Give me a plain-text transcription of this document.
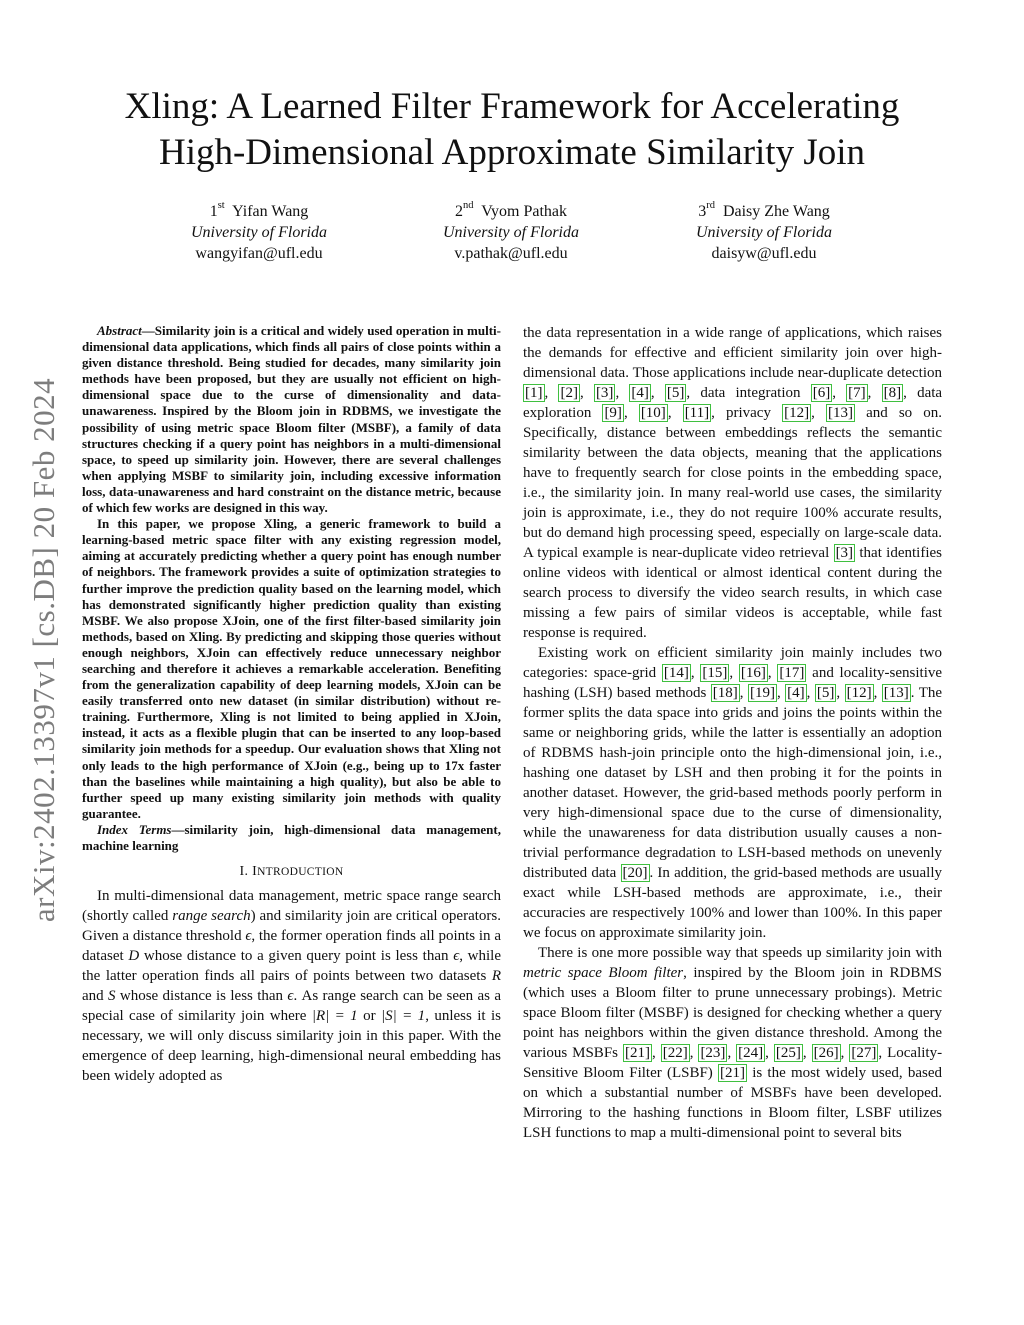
arXiv:2402.13397v1 [cs.DB] 20 Feb 2024
Xling: A Learned Filter Framework for Accelerating
High-Dimensional Approximate Similarity Join
1st Yifan Wang
University of Florida
wangyifan@ufl.edu
2nd Vyom Pathak
University of Florida
v.pathak@ufl.edu
3rd Daisy Zhe Wang
University of Florida
daisyw@ufl.edu

Abstract—Similarity join is a critical and widely used operation in multi-dimensional data applications, which finds all pairs of close points within a given distance threshold. Being studied for decades, many similarity join methods have been proposed, but they are usually not efficient on high-dimensional space due to the curse of dimensionality and data-unawareness. Inspired by the Bloom join in RDBMS, we investigate the possibility of using metric space Bloom filter (MSBF), a family of data structures checking if a query point has neighbors in a multi-dimensional space, to speed up similarity join. However, there are several challenges when applying MSBF to similarity join, including excessive information loss, data-unawareness and hard constraint on the distance metric, because of which few works are designed in this way.

In this paper, we propose Xling, a generic framework to build a learning-based metric space filter with any existing regression model, aiming at accurately predicting whether a query point has enough number of neighbors. The framework provides a suite of optimization strategies to further improve the prediction quality based on the learning model, which has demonstrated significantly higher prediction quality than existing MSBF. We also propose XJoin, one of the first filter-based similarity join methods, based on Xling. By predicting and skipping those queries without enough neighbors, XJoin can effectively reduce unnecessary neighbor searching and therefore it achieves a remarkable acceleration. Benefiting from the generalization capability of deep learning models, XJoin can be easily transferred onto new dataset (in similar distribution) without re-training. Furthermore, Xling is not limited to being applied in XJoin, instead, it acts as a flexible plugin that can be inserted to any loop-based similarity join methods for a speedup. Our evaluation shows that Xling not only leads to the high performance of XJoin (e.g., being up to 17x faster than the baselines while maintaining a high quality), but also be able to further speed up many existing similarity join methods with quality guarantee.

Index Terms—similarity join, high-dimensional data management, machine learning

I. INTRODUCTION

In multi-dimensional data management, metric space range search (shortly called range search) and similarity join are critical operators. Given a distance threshold ϵ, the former operation finds all points in a dataset D whose distance to a given query point is less than ϵ, while the latter operation finds all pairs of points between two datasets R and S whose distance is less than ϵ. As range search can be seen as a special case of similarity join where |R| = 1 or |S| = 1, unless it is necessary, we will only discuss similarity join in this paper. With the emergence of deep learning, high-dimensional neural embedding has been widely adopted as

the data representation in a wide range of applications, which raises the demands for effective and efficient similarity join over high-dimensional data. Those applications include near-duplicate detection [1] , [2] , [3] , [4] , [5] , data integration [6] , [7] , [8] , data exploration [9] , [10] , [11] , privacy [12] , [13] and so on. Specifically, distance between embeddings reflects the semantic similarity between the data objects, meaning that the applications have to frequently search for close points in the embedding space, i.e., the similarity join. In many real-world use cases, the similarity join is approximate, i.e., they do not require 100% accurate results, but do demand high processing speed, especially on large-scale data. A typical example is near-duplicate video retrieval [3] that identifies online videos with identical or almost identical content during the search process to diversify the video search results, in which case missing a few pairs of similar videos is acceptable, while fast response is required.

Existing work on efficient similarity join mainly includes two categories: space-grid [14] , [15] , [16] , [17] and locality-sensitive hashing (LSH) based methods [18] , [19] , [4] , [5] , [12] , [13] . The former splits the data space into grids and joins the points within the same or neighboring grids, while the latter is essentially an adoption of RDBMS hash-join principle onto the high-dimensional join, i.e., hashing one dataset by LSH and then probing it for the points in another dataset. However, the grid-based methods poorly perform in very high-dimensional space due to the curse of dimensionality, while the unawareness for data distribution usually causes a non-trivial performance degradation to LSH-based methods on unevenly distributed data [20] . In addition, the grid-based methods are usually exact while LSH-based methods are approximate, i.e., their accuracies are respectively 100% and lower than 100%. In this paper we focus on approximate similarity join.

There is one more possible way that speeds up similarity join with metric space Bloom filter, inspired by the Bloom join in RDBMS (which uses a Bloom filter to prune unnecessary probings). Metric space Bloom filter (MSBF) is designed for checking whether a query point has neighbors within the given distance threshold. Among the various MSBFs [21] , [22] , [23] , [24] , [25] , [26] , [27] , Locality-Sensitive Bloom Filter (LSBF) [21] is the most widely used, based on which a substantial number of MSBFs have been developed. Mirroring to the hashing functions in Bloom filter, LSBF utilizes LSH functions to map a multi-dimensional point to several bits
